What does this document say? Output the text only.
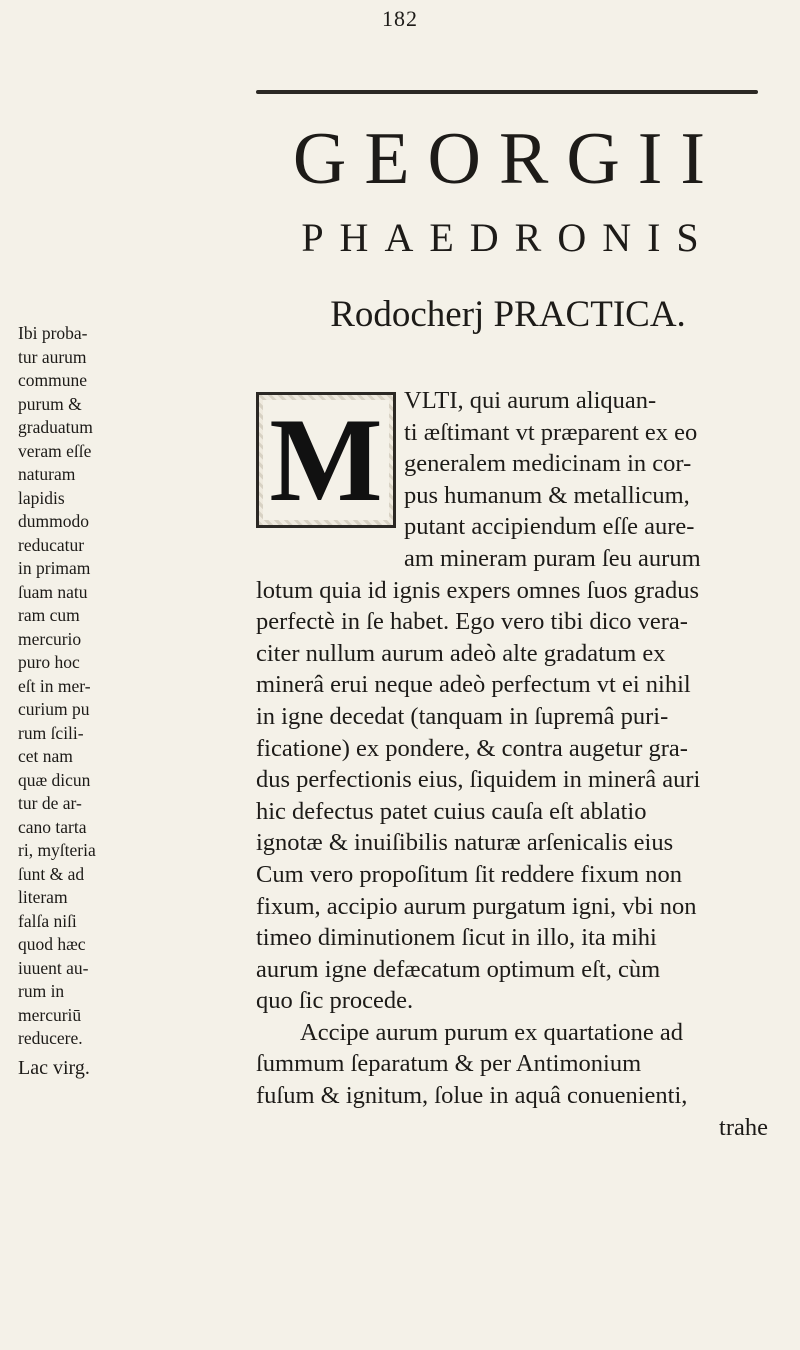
182
GEORGII
PHAEDRONIS
Rodocherj PRACTICA.
M VLTI, qui aurum aliquan-
ti æſtimant vt præparent ex eo
generalem medicinam in cor-
pus humanum & metallicum,
putant accipiendum eſſe aure-
am mineram puram ſeu aurum
lotum quia id ignis expers omnes ſuos gradus
perfectè in ſe habet. Ego vero tibi dico vera-
citer nullum aurum adeò alte gradatum ex
minerâ erui neque adeò perfectum vt ei nihil
in igne decedat (tanquam in ſupremâ puri-
ficatione) ex pondere, & contra augetur gra-
dus perfectionis eius, ſiquidem in minerâ auri
hic defectus patet cuius cauſa eſt ablatio
ignotæ & inuiſibilis naturæ arſenicalis eius
Cum vero propoſitum ſit reddere fixum non
fixum, accipio aurum purgatum igni, vbi non
timeo diminutionem ſicut in illo, ita mihi
aurum igne defæcatum optimum eſt, cùm
quo ſic procede.
Accipe aurum purum ex quartatione ad
ſummum ſeparatum & per Antimonium
fuſum & ignitum, ſolue in aquâ conuenienti,
trahe
Ibi proba-
tur aurum
commune
purum &
graduatum
veram eſſe
naturam
lapidis
dummodo
reducatur
in primam
ſuam natu
ram cum
mercurio
puro hoc
eſt in mer-
curium pu
rum ſcili-
cet nam
quæ dicun
tur de ar-
cano tarta
ri, myſteria
ſunt & ad
literam
falſa niſi
quod hæc
iuuent au-
rum in
mercuriū
reducere.
Lac virg.
